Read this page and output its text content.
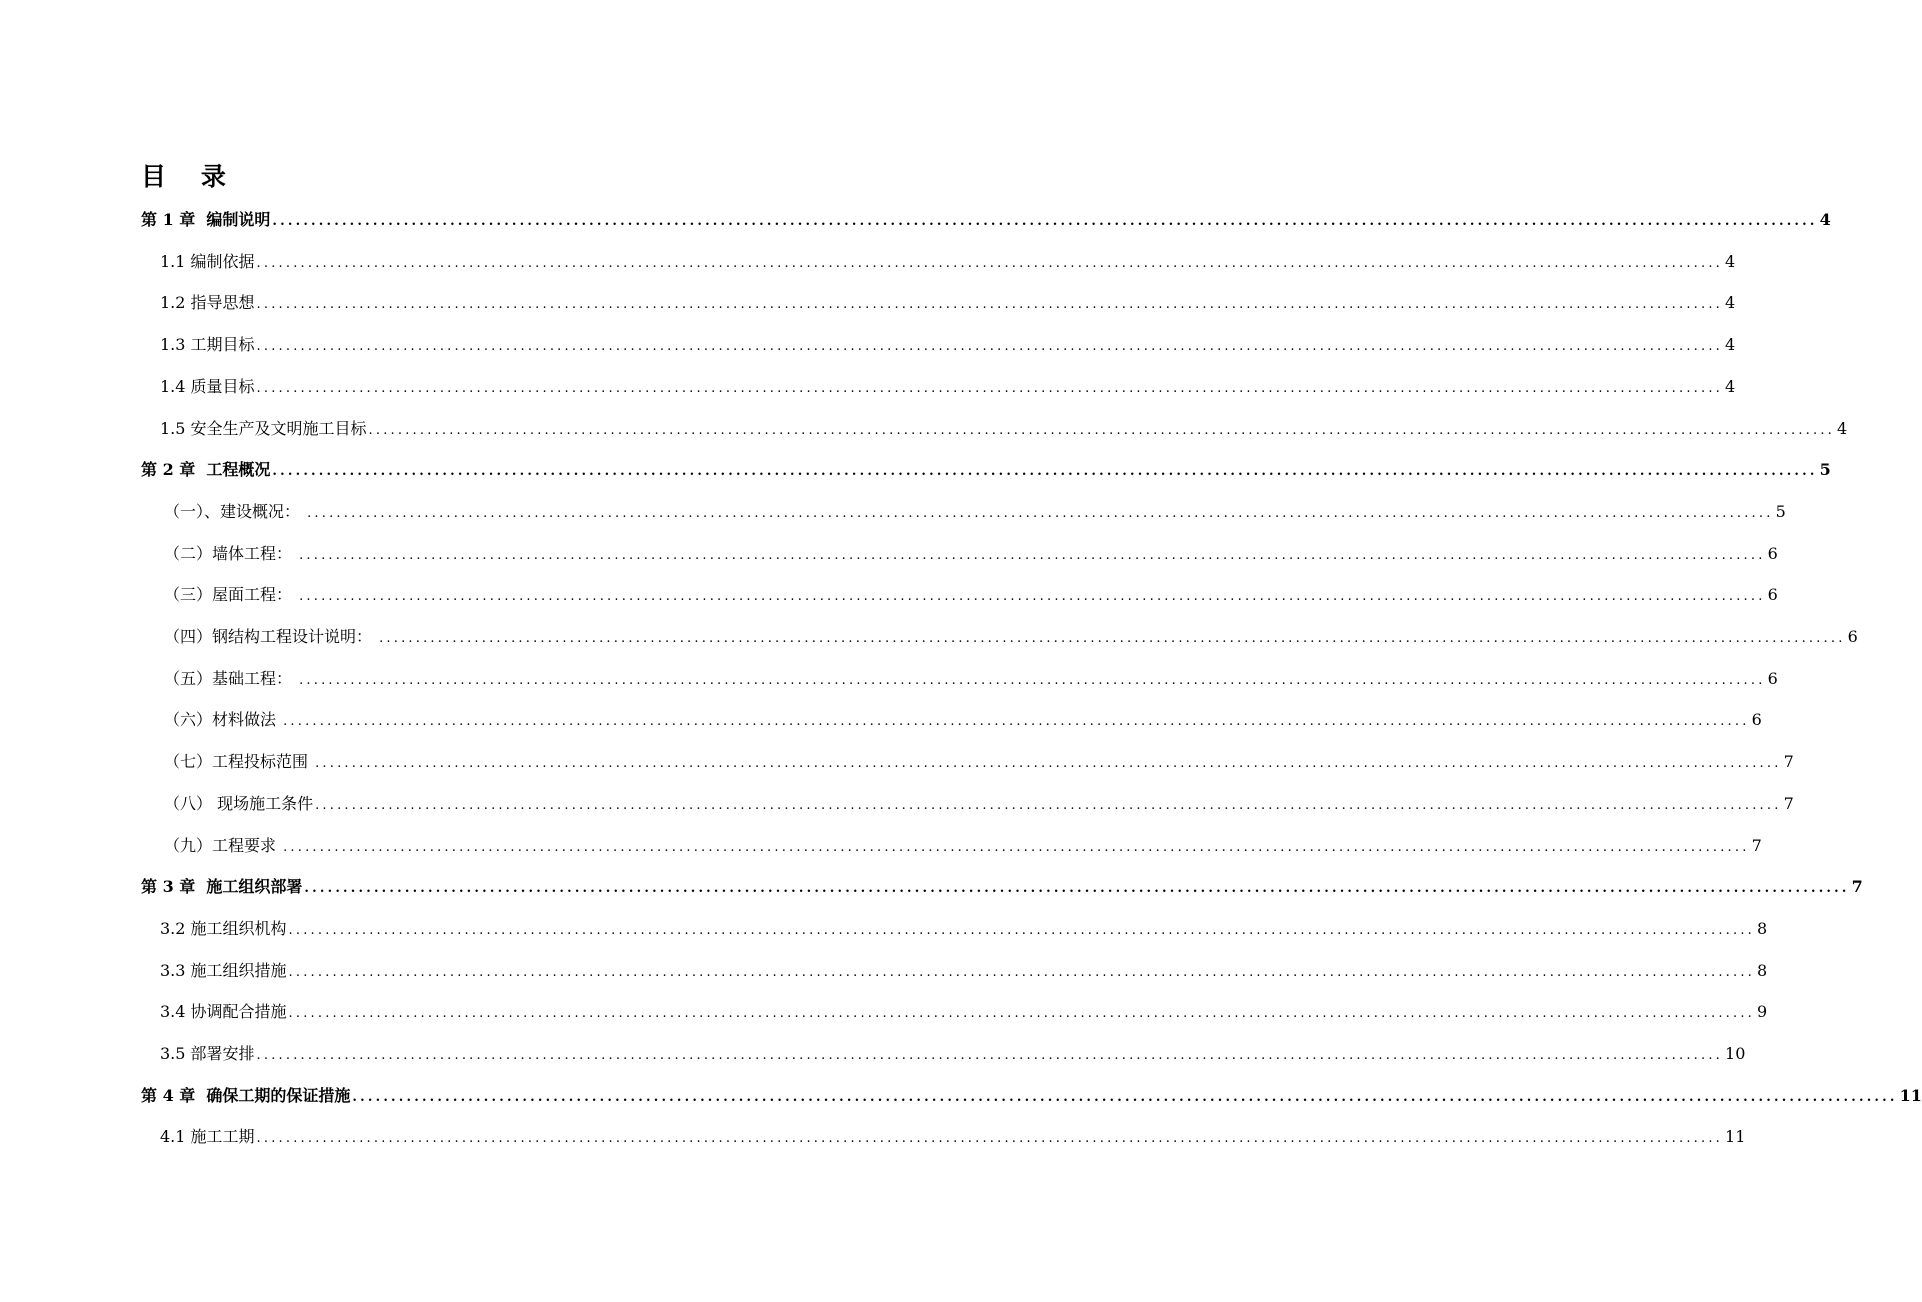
目    录
第 1 章  编制说明 ........................................................................................................................................................................................................ 4
1.1 编制依据 ........................................................................................................................................................................................................ 4
1.2 指导思想 ........................................................................................................................................................................................................ 4
1.3 工期目标 ........................................................................................................................................................................................................ 4
1.4 质量目标 ........................................................................................................................................................................................................ 4
1.5 安全生产及文明施工目标 ........................................................................................................................................................................................................ 4
第 2 章  工程概况 ........................................................................................................................................................................................................ 5
（一）、建设概况： ........................................................................................................................................................................................................ 5
（二）墙体工程： ........................................................................................................................................................................................................ 6
（三）屋面工程： ........................................................................................................................................................................................................ 6
（四）钢结构工程设计说明： ........................................................................................................................................................................................................ 6
（五）基础工程： ........................................................................................................................................................................................................ 6
（六）材料做法 ........................................................................................................................................................................................................ 6
（七）工程投标范围 ........................................................................................................................................................................................................ 7
（八） 现场施工条件 ........................................................................................................................................................................................................ 7
（九）工程要求 ........................................................................................................................................................................................................ 7
第 3 章  施工组织部署 ........................................................................................................................................................................................................ 7
3.2 施工组织机构 ........................................................................................................................................................................................................ 8
3.3 施工组织措施 ........................................................................................................................................................................................................ 8
3.4 协调配合措施 ........................................................................................................................................................................................................ 9
3.5 部署安排 ........................................................................................................................................................................................................ 10
第 4 章  确保工期的保证措施 ........................................................................................................................................................................................................ 11
4.1 施工工期 ........................................................................................................................................................................................................ 11
